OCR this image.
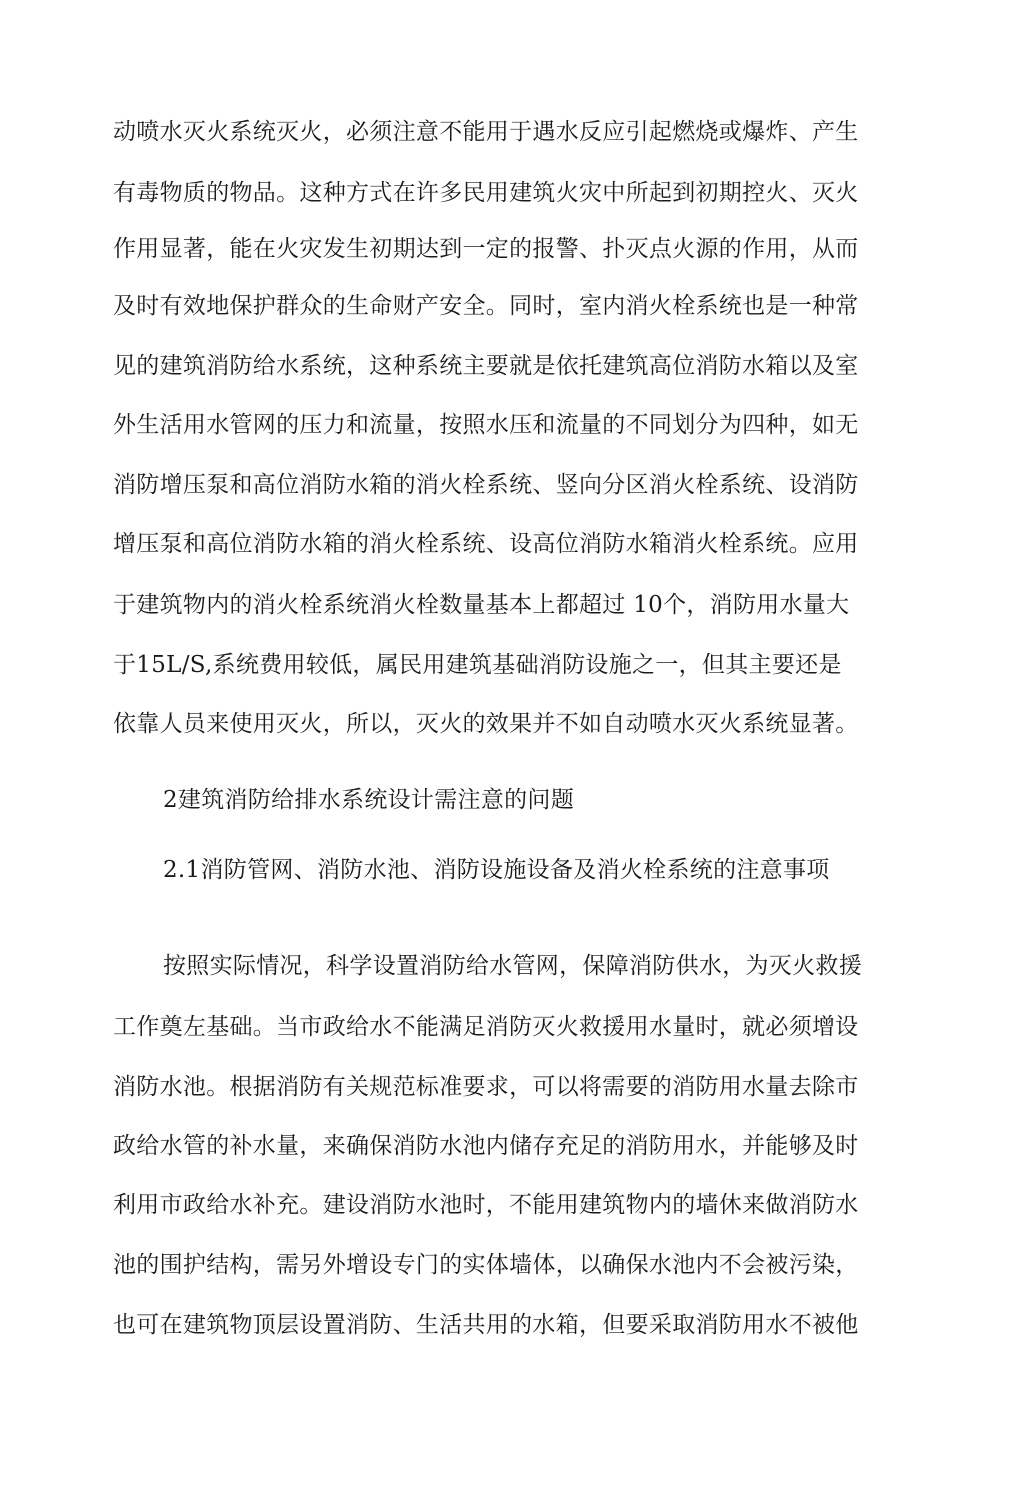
动喷水灭火系统灭火，必须注意不能用于遇水反应引起燃烧或爆炸、产生
有毒物质的物品。这种方式在许多民用建筑火灾中所起到初期控火、灭火
作用显著，能在火灾发生初期达到一定的报警、扑灭点火源的作用，从而
及时有效地保护群众的生命财产安全。同时，室内消火栓系统也是一种常
见的建筑消防给水系统，这种系统主要就是依托建筑高位消防水箱以及室
外生活用水管网的压力和流量，按照水压和流量的不同划分为四种，如无
消防增压泵和高位消防水箱的消火栓系统、竖向分区消火栓系统、设消防
增压泵和高位消防水箱的消火栓系统、设高位消防水箱消火栓系统。应用
于建筑物内的消火栓系统消火栓数量基本上都超过 10个，消防用水量大
于15L/S,系统费用较低，属民用建筑基础消防设施之一，但其主要还是
依靠人员来使用灭火，所以，灭火的效果并不如自动喷水灭火系统显著。
2建筑消防给排水系统设计需注意的问题
2.1消防管网、消防水池、消防设施设备及消火栓系统的注意事项
按照实际情况，科学设置消防给水管网，保障消防供水，为灭火救援
工作奠左基础。当市政给水不能满足消防灭火救援用水量时，就必须增设
消防水池。根据消防有关规范标准要求，可以将需要的消防用水量去除市
政给水管的补水量，来确保消防水池内储存充足的消防用水，并能够及时
利用市政给水补充。建设消防水池时，不能用建筑物内的墙休来做消防水
池的围护结构，需另外增设专门的实体墙体，以确保水池内不会被污染，
也可在建筑物顶层设置消防、生活共用的水箱，但要采取消防用水不被他
